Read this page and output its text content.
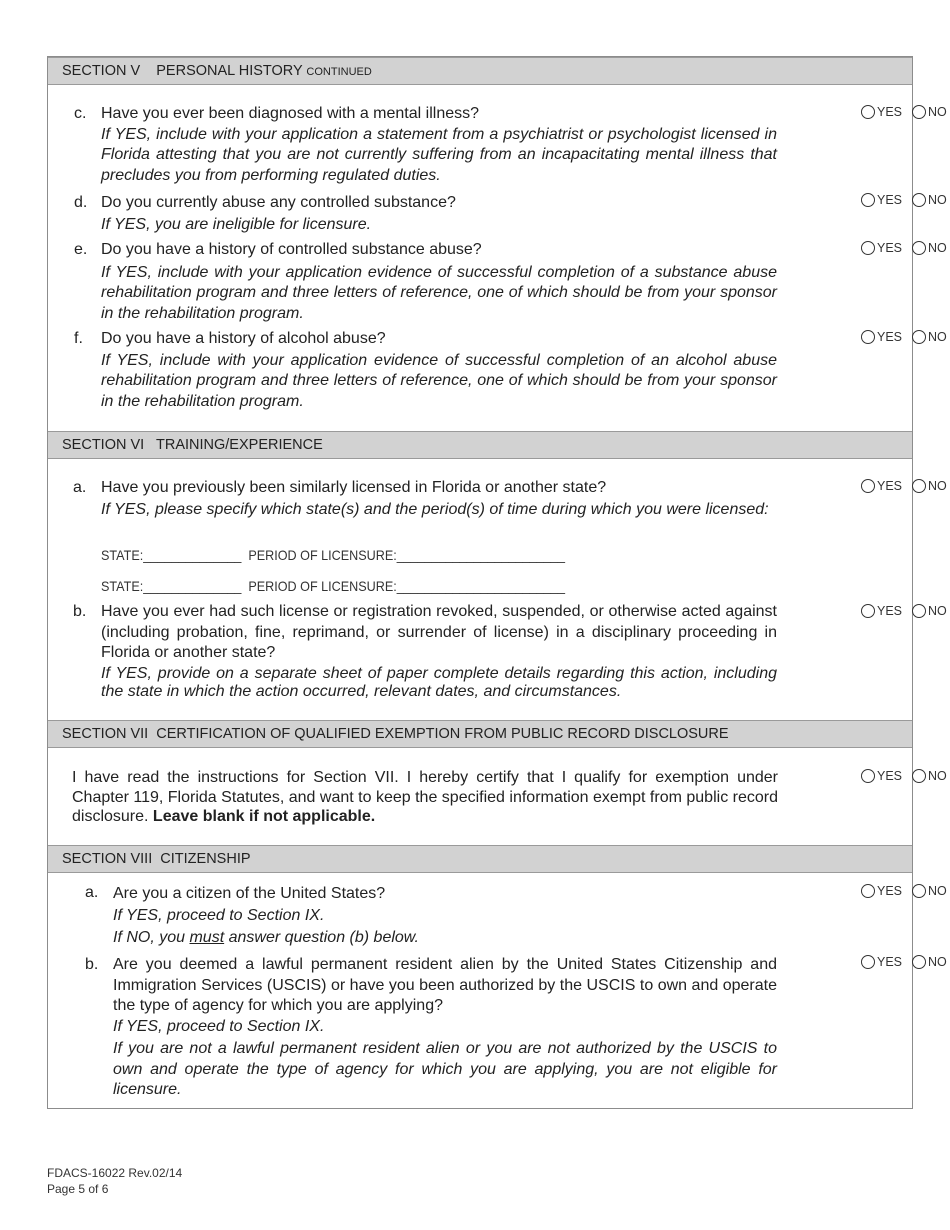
SECTION V    PERSONAL HISTORY CONTINUED
c. Have you ever been diagnosed with a mental illness?

If YES, include with your application a statement from a psychiatrist or psychologist licensed in Florida attesting that you are not currently suffering from an incapacitating mental illness that precludes you from performing regulated duties.

YES NO
d. Do you currently abuse any controlled substance?

If YES, you are ineligible for licensure.

YES NO
e. Do you have a history of controlled substance abuse?

If YES, include with your application evidence of successful completion of a substance abuse rehabilitation program and three letters of reference, one of which should be from your sponsor in the rehabilitation program.

YES NO
f. Do you have a history of alcohol abuse?

If YES, include with your application evidence of successful completion of an alcohol abuse rehabilitation program and three letters of reference, one of which should be from your sponsor in the rehabilitation program.

YES NO
SECTION VI   TRAINING/EXPERIENCE
a. Have you previously been similarly licensed in Florida or another state?

If YES, please specify which state(s) and the period(s) of time during which you were licensed:

YES NO
STATE:______________  PERIOD OF LICENSURE:________________________
STATE:______________  PERIOD OF LICENSURE:________________________
b. Have you ever had such license or registration revoked, suspended, or otherwise acted against (including probation, fine, reprimand, or surrender of license) in a disciplinary proceeding in Florida or another state?

If YES, provide on a separate sheet of paper complete details regarding this action, including the state in which the action occurred, relevant dates, and circumstances.

YES NO
SECTION VII  CERTIFICATION OF QUALIFIED EXEMPTION FROM PUBLIC RECORD DISCLOSURE

I have read the instructions for Section VII. I hereby certify that I qualify for exemption under Chapter 119, Florida Statutes, and want to keep the specified information exempt from public record disclosure. Leave blank if not applicable.

YES NO
SECTION VIII  CITIZENSHIP
a. Are you a citizen of the United States?

If YES, proceed to Section IX.

If NO, you must answer question (b) below.

YES NO
b. Are you deemed a lawful permanent resident alien by the United States Citizenship and Immigration Services (USCIS) or have you been authorized by the USCIS to own and operate the type of agency for which you are applying?

If YES, proceed to Section IX.

If you are not a lawful permanent resident alien or you are not authorized by the USCIS to own and operate the type of agency for which you are applying, you are not eligible for licensure.

YES NO
FDACS-16022 Rev.02/14
Page 5 of 6
